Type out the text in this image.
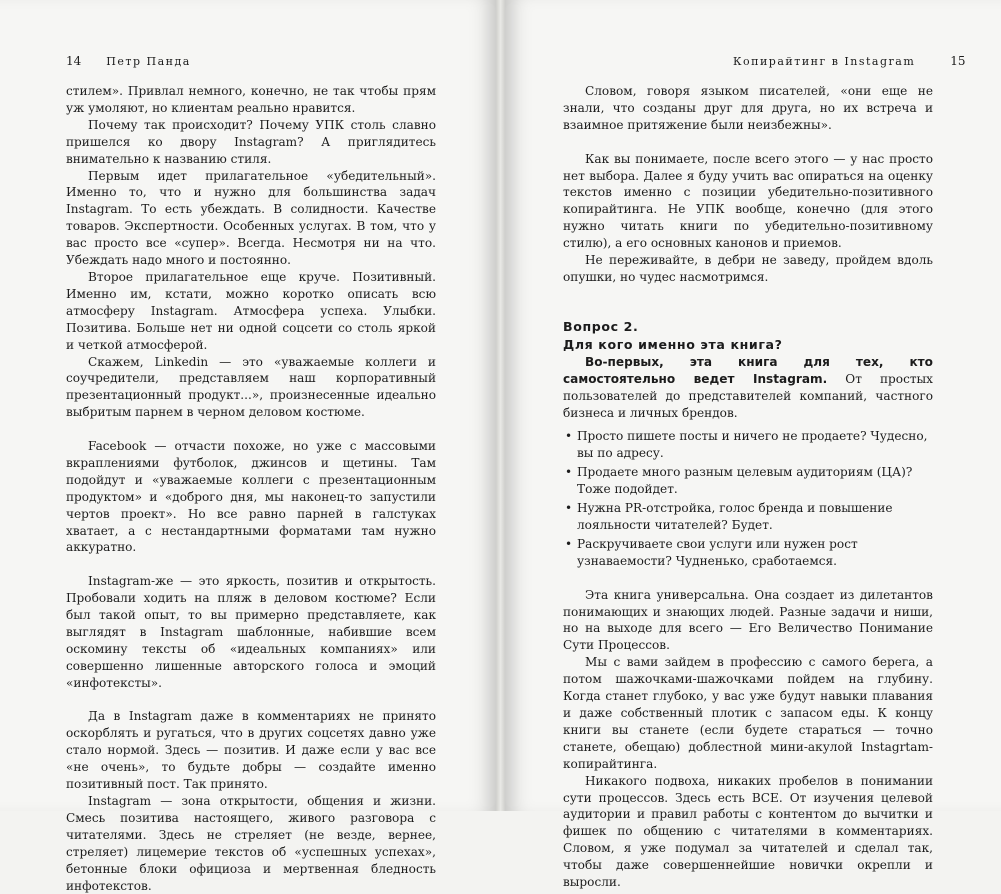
14 Петр Панда

стилем». Привлал немного, конечно, не так чтобы прям уж умоляют, но клиентам реально нравится.

Почему так происходит? Почему УПК столь славно пришелся ко двору Instagram? А приглядитесь внимательно к названию стиля.

Первым идет прилагательное «убедительный». Именно то, что и нужно для большинства задач Instagram. То есть убеждать. В солидности. Качестве товаров. Экспертности. Особенных услугах. В том, что у вас просто все «супер». Всегда. Несмотря ни на что. Убеждать надо много и постоянно.

Второе прилагательное еще круче. Позитивный. Именно им, кстати, можно коротко описать всю атмосферу Instagram. Атмосфера успеха. Улыбки. Позитива. Больше нет ни одной соцсети со столь яркой и четкой атмосферой.

Скажем, Linkedin — это «уважаемые коллеги и соучредители, представляем наш корпоративный презентационный продукт...», произнесенные идеально выбритым парнем в черном деловом костюме.

Facebook — отчасти похоже, но уже с массовыми вкраплениями футболок, джинсов и щетины. Там подойдут и «уважаемые коллеги с презентационным продуктом» и «доброго дня, мы наконец-то запустили чертов проект». Но все равно парней в галстуках хватает, а с нестандартными форматами там нужно аккуратно.

Instagram-же — это яркость, позитив и открытость. Пробовали ходить на пляж в деловом костюме? Если был такой опыт, то вы примерно представляете, как выглядят в Instagram шаблонные, набившие всем оскомину тексты об «идеальных компаниях» или совершенно лишенные авторского голоса и эмоций «инфотексты».

Да в Instagram даже в комментариях не принято оскорблять и ругаться, что в других соцсетях давно уже стало нормой. Здесь — позитив. И даже если у вас все «не очень», то будьте добры — создайте именно позитивный пост. Так принято.

Instagram — зона открытости, общения и жизни. Смесь позитива настоящего, живого разговора с читателями. Здесь не стреляет (не везде, вернее, стреляет) лицемерие текстов об «успешных успехах», бетонные блоки официоза и мертвенная бледность инфотекстов.

Копирайтинг в Instagram	15

Словом, говоря языком писателей, «они еще не знали, что созданы друг для друга, но их встреча и взаимное притяжение были неизбежны».

Как вы понимаете, после всего этого — у нас просто нет выбора. Далее я буду учить вас опираться на оценку текстов именно с позиции убедительно-позитивного копирайтинга. Не УПК вообще, конечно (для этого нужно читать книги по убедительно-позитивному стилю), а его основных канонов и приемов.

Не переживайте, в дебри не заведу, пройдем вдоль опушки, но чудес насмотримся.

Вопрос 2.
Для кого именно эта книга?

Во-первых, эта книга для тех, кто самостоятельно ведет Instagram. От простых пользователей до представителей компаний, частного бизнеса и личных брендов.

• Просто пишете посты и ничего не продаете? Чудесно, вы по адресу.
• Продаете много разным целевым аудиториям (ЦА)? Тоже подойдет.
• Нужна PR-отстройка, голос бренда и повышение лояльности читателей? Будет.
• Раскручиваете свои услуги или нужен рост узнаваемости? Чудненько, сработаемся.

Эта книга универсальна. Она создает из дилетантов понимающих и знающих людей. Разные задачи и ниши, но на выходе для всего — Его Величество Понимание Сути Процессов.

Мы с вами зайдем в профессию с самого берега, а потом шажочками-шажочками пойдем на глубину. Когда станет глубоко, у вас уже будут навыки плавания и даже собственный плотик с запасом еды. К концу книги вы станете (если будете стараться — точно станете, обещаю) доблестной мини-акулой Instagrtam-копирайтинга.

Никакого подвоха, никаких пробелов в понимании сути процессов. Здесь есть ВСЕ. От изучения целевой аудитории и правил работы с контентом до вычитки и фишек по общению с читателями в комментариях. Словом, я уже подумал за читателей и сделал так, чтобы даже совершеннейшие новички окрепли и выросли.
